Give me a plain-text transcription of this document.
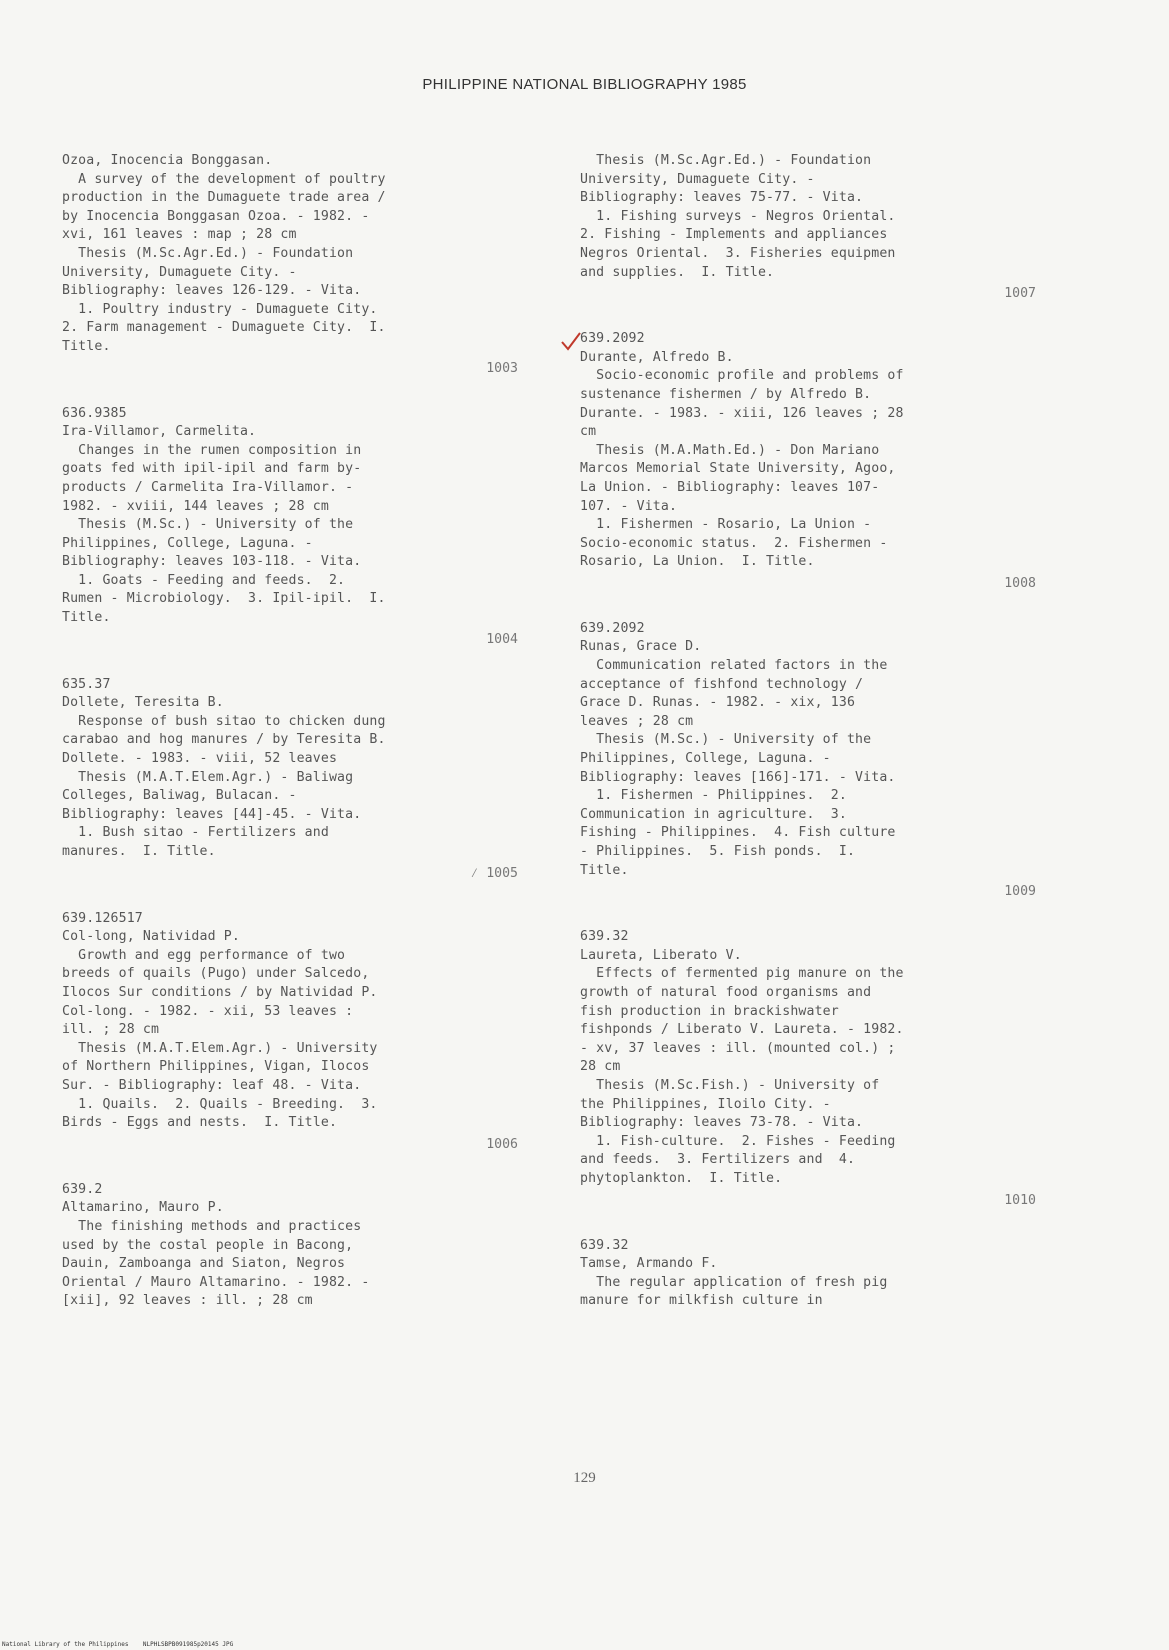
PHILIPPINE NATIONAL BIBLIOGRAPHY 1985
Ozoa, Inocencia Bonggasan.
A survey of the development of poultry
production in the Dumaguete trade area /
by Inocencia Bonggasan Ozoa. - 1982. -
xvi, 161 leaves : map ; 28 cm
Thesis (M.Sc.Agr.Ed.) - Foundation
University, Dumaguete City. -
Bibliography: leaves 126-129. - Vita.
1. Poultry industry - Dumaguete City.
2. Farm management - Dumaguete City.  I.
Title.
1003
636.9385
Ira-Villamor, Carmelita.
Changes in the rumen composition in
goats fed with ipil-ipil and farm by-
products / Carmelita Ira-Villamor. -
1982. - xviii, 144 leaves ; 28 cm
Thesis (M.Sc.) - University of the
Philippines, College, Laguna. -
Bibliography: leaves 103-118. - Vita.
1. Goats - Feeding and feeds.  2.
Rumen - Microbiology.  3. Ipil-ipil.  I.
Title.
1004
635.37
Dollete, Teresita B.
Response of bush sitao to chicken dung
carabao and hog manures / by Teresita B.
Dollete. - 1983. - viii, 52 leaves
Thesis (M.A.T.Elem.Agr.) - Baliwag
Colleges, Baliwag, Bulacan. -
Bibliography: leaves [44]-45. - Vita.
1. Bush sitao - Fertilizers and
manures.  I. Title.
⁄ 1005
639.126517
Col-long, Natividad P.
Growth and egg performance of two
breeds of quails (Pugo) under Salcedo,
Ilocos Sur conditions / by Natividad P.
Col-long. - 1982. - xii, 53 leaves :
ill. ; 28 cm
Thesis (M.A.T.Elem.Agr.) - University
of Northern Philippines, Vigan, Ilocos
Sur. - Bibliography: leaf 48. - Vita.
1. Quails.  2. Quails - Breeding.  3.
Birds - Eggs and nests.  I. Title.
1006
639.2
Altamarino, Mauro P.
The finishing methods and practices
used by the costal people in Bacong,
Dauin, Zamboanga and Siaton, Negros
Oriental / Mauro Altamarino. - 1982. -
[xii], 92 leaves : ill. ; 28 cm
Thesis (M.Sc.Agr.Ed.) - Foundation
University, Dumaguete City. -
Bibliography: leaves 75-77. - Vita.
1. Fishing surveys - Negros Oriental.
2. Fishing - Implements and appliances
Negros Oriental.  3. Fisheries equipmen
and supplies.  I. Title.
1007
639.2092
Durante, Alfredo B.
Socio-economic profile and problems of
sustenance fishermen / by Alfredo B.
Durante. - 1983. - xiii, 126 leaves ; 28
cm
Thesis (M.A.Math.Ed.) - Don Mariano
Marcos Memorial State University, Agoo,
La Union. - Bibliography: leaves 107-
107. - Vita.
1. Fishermen - Rosario, La Union -
Socio-economic status.  2. Fishermen -
Rosario, La Union.  I. Title.
1008
639.2092
Runas, Grace D.
Communication related factors in the
acceptance of fishfond technology /
Grace D. Runas. - 1982. - xix, 136
leaves ; 28 cm
Thesis (M.Sc.) - University of the
Philippines, College, Laguna. -
Bibliography: leaves [166]-171. - Vita.
1. Fishermen - Philippines.  2.
Communication in agriculture.  3.
Fishing - Philippines.  4. Fish culture
- Philippines.  5. Fish ponds.  I.
Title.
1009
639.32
Laureta, Liberato V.
Effects of fermented pig manure on the
growth of natural food organisms and
fish production in brackishwater
fishponds / Liberato V. Laureta. - 1982.
- xv, 37 leaves : ill. (mounted col.) ;
28 cm
Thesis (M.Sc.Fish.) - University of
the Philippines, Iloilo City. -
Bibliography: leaves 73-78. - Vita.
1. Fish-culture.  2. Fishes - Feeding
and feeds.  3. Fertilizers and  4.
phytoplankton.  I. Title.
1010
639.32
Tamse, Armando F.
The regular application of fresh pig
manure for milkfish culture in
129
National Library of the Philippines    NLPHLSBPB091985p20145 JPG
